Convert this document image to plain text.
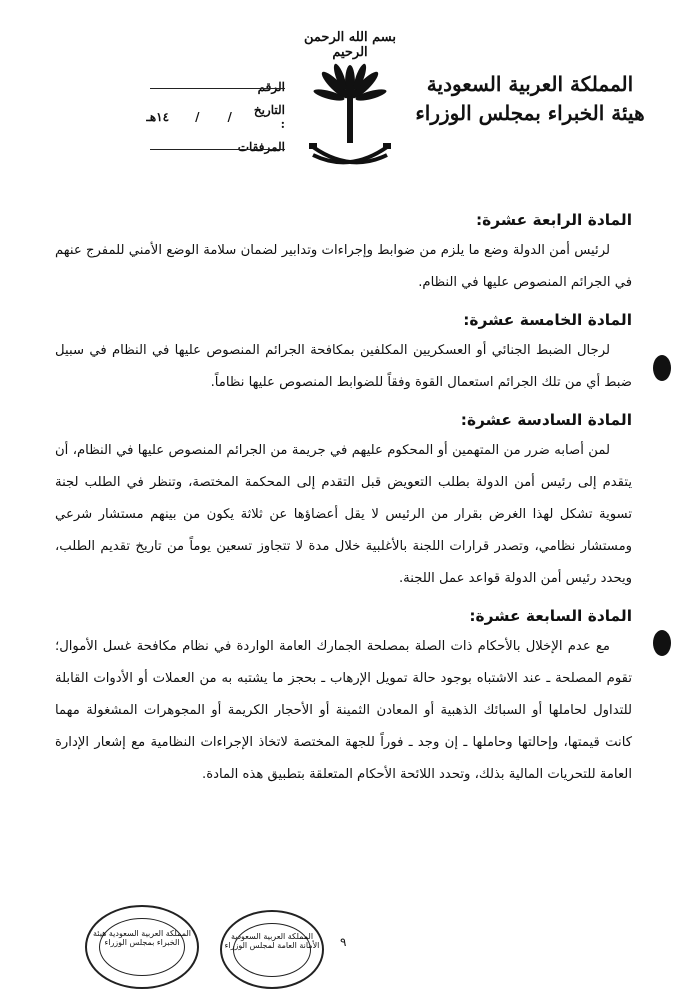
بسم الله الرحمن الرحيم
المملكة العربية السعودية
هيئة الخبراء بمجلس الوزراء
الرقم
التاريخ :
/
/
١٤هـ
المرفقات
المادة الرابعة عشرة:

لرئيس أمن الدولة وضع ما يلزم من ضوابط وإجراءات وتدابير لضمان سلامة الوضع الأمني للمفرج عنهم في الجرائم المنصوص عليها في النظام.

المادة الخامسة عشرة:

لرجال الضبط الجنائي أو العسكريين المكلفين بمكافحة الجرائم المنصوص عليها في النظام في سبيل ضبط أي من تلك الجرائم استعمال القوة وفقاً للضوابط المنصوص عليها نظاماً.

المادة السادسة عشرة:

لمن أصابه ضرر من المتهمين أو المحكوم عليهم في جريمة من الجرائم المنصوص عليها في النظام، أن يتقدم إلى رئيس أمن الدولة بطلب التعويض قبل التقدم إلى المحكمة المختصة، وتنظر في الطلب لجنة تسوية تشكل لهذا الغرض بقرار من الرئيس لا يقل أعضاؤها عن ثلاثة يكون من بينهم مستشار شرعي ومستشار نظامي، وتصدر قرارات اللجنة بالأغلبية خلال مدة لا تتجاوز تسعين يوماً من تاريخ تقديم الطلب، ويحدد رئيس أمن الدولة قواعد عمل اللجنة.

المادة السابعة عشرة:

مع عدم الإخلال بالأحكام ذات الصلة بمصلحة الجمارك العامة الواردة في نظام مكافحة غسل الأموال؛ تقوم المصلحة ـ عند الاشتباه بوجود حالة تمويل الإرهاب ـ بحجز ما يشتبه به من العملات أو الأدوات القابلة للتداول لحاملها أو السبائك الذهبية أو المعادن الثمينة أو الأحجار الكريمة أو المجوهرات المشغولة مهما كانت قيمتها، وإحالتها وحاملها ـ إن وجد ـ فوراً للجهة المختصة لاتخاذ الإجراءات النظامية مع إشعار الإدارة العامة للتحريات المالية بذلك، وتحدد اللائحة الأحكام المتعلقة بتطبيق هذه المادة.

المملكة العربية السعودية هيئة الخبراء بمجلس الوزراء
المملكة العربية السعودية الأمانة العامة لمجلس الوزراء ٩
